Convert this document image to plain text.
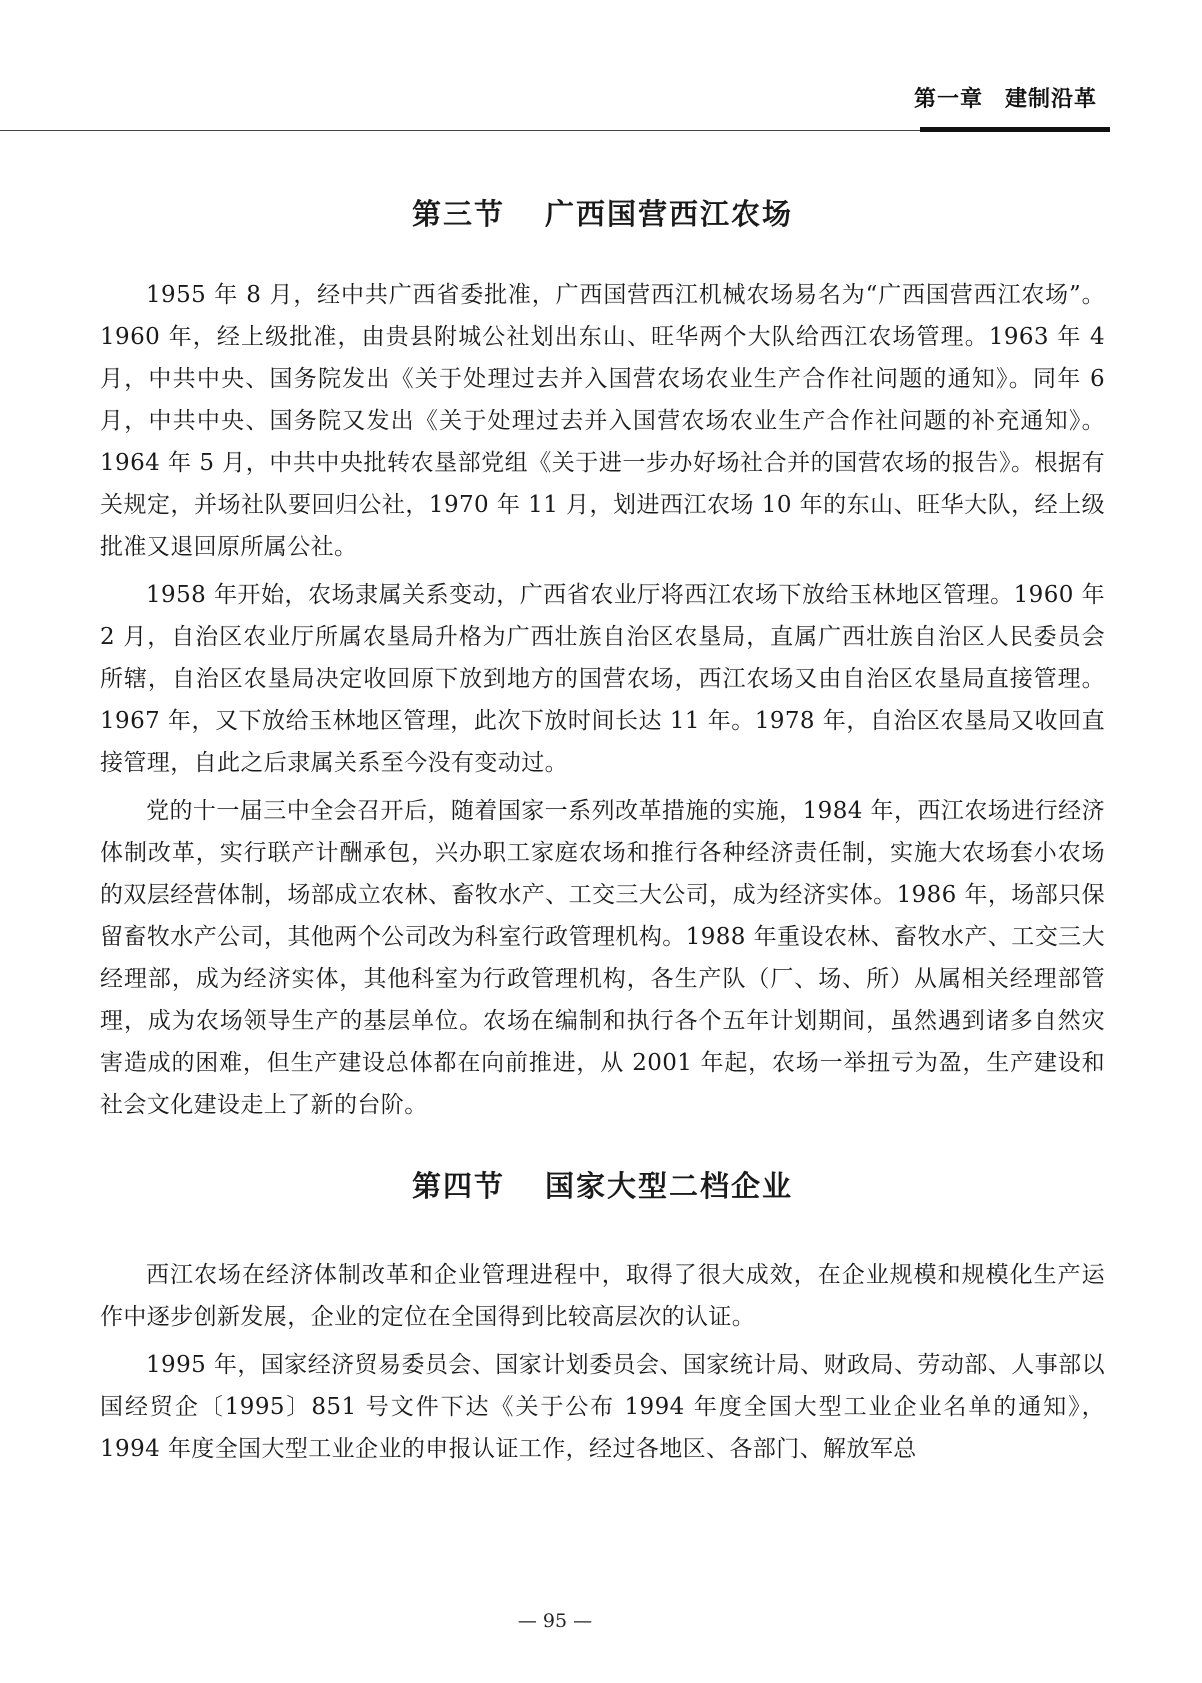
第一章 建制沿革
第三节 广西国营西江农场

1955 年 8 月，经中共广西省委批准，广西国营西江机械农场易名为“广西国营西江农场”。1960 年，经上级批准，由贵县附城公社划出东山、旺华两个大队给西江农场管理。1963 年 4 月，中共中央、国务院发出《关于处理过去并入国营农场农业生产合作社问题的通知》。同年 6 月，中共中央、国务院又发出《关于处理过去并入国营农场农业生产合作社问题的补充通知》。1964 年 5 月，中共中央批转农垦部党组《关于进一步办好场社合并的国营农场的报告》。根据有关规定，并场社队要回归公社，1970 年 11 月，划进西江农场 10 年的东山、旺华大队，经上级批准又退回原所属公社。

1958 年开始，农场隶属关系变动，广西省农业厅将西江农场下放给玉林地区管理。1960 年 2 月，自治区农业厅所属农垦局升格为广西壮族自治区农垦局，直属广西壮族自治区人民委员会所辖，自治区农垦局决定收回原下放到地方的国营农场，西江农场又由自治区农垦局直接管理。1967 年，又下放给玉林地区管理，此次下放时间长达 11 年。1978 年，自治区农垦局又收回直接管理，自此之后隶属关系至今没有变动过。

党的十一届三中全会召开后，随着国家一系列改革措施的实施，1984 年，西江农场进行经济体制改革，实行联产计酬承包，兴办职工家庭农场和推行各种经济责任制，实施大农场套小农场的双层经营体制，场部成立农林、畜牧水产、工交三大公司，成为经济实体。1986 年，场部只保留畜牧水产公司，其他两个公司改为科室行政管理机构。1988 年重设农林、畜牧水产、工交三大经理部，成为经济实体，其他科室为行政管理机构，各生产队（厂、场、所）从属相关经理部管理，成为农场领导生产的基层单位。农场在编制和执行各个五年计划期间，虽然遇到诸多自然灾害造成的困难，但生产建设总体都在向前推进，从 2001 年起，农场一举扭亏为盈，生产建设和社会文化建设走上了新的台阶。

第四节 国家大型二档企业

西江农场在经济体制改革和企业管理进程中，取得了很大成效，在企业规模和规模化生产运作中逐步创新发展，企业的定位在全国得到比较高层次的认证。

1995 年，国家经济贸易委员会、国家计划委员会、国家统计局、财政局、劳动部、人事部以国经贸企〔1995〕851 号文件下达《关于公布 1994 年度全国大型工业企业名单的通知》，1994 年度全国大型工业企业的申报认证工作，经过各地区、各部门、解放军总

— 95 —
